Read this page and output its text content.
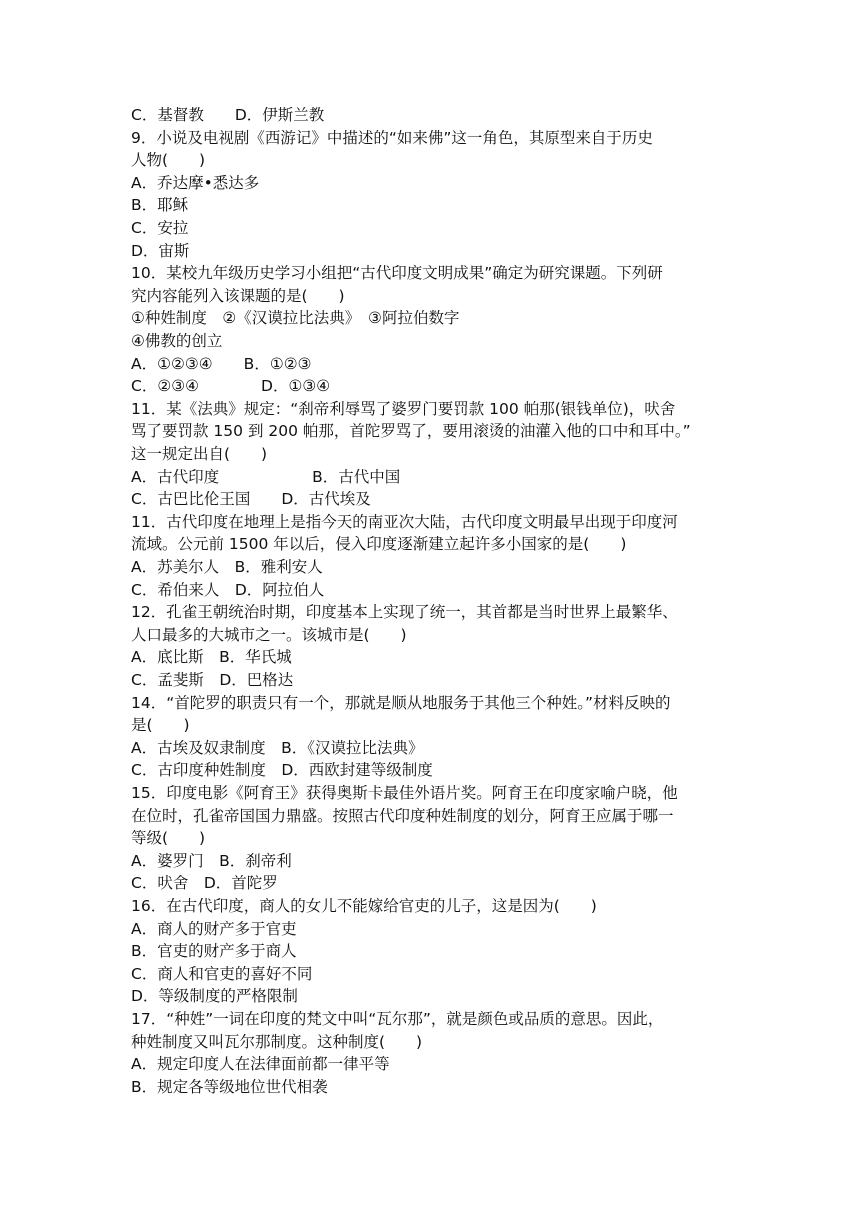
C．基督教　　D．伊斯兰教
9．小说及电视剧《西游记》中描述的“如来佛”这一角色，其原型来自于历史
人物(　　)
A．乔达摩•悉达多
B．耶稣
C．安拉
D．宙斯
10．某校九年级历史学习小组把“古代印度文明成果”确定为研究课题。下列研
究内容能列入该课题的是(　　)
①种姓制度　②《汉谟拉比法典》　③阿拉伯数字
④佛教的创立
A．①②③④　　B．①②③
C．②③④　　　　D．①③④
11．某《法典》规定：“刹帝利辱骂了婆罗门要罚款 100 帕那(银钱单位)，吠舍
骂了要罚款 150 到 200 帕那，首陀罗骂了，要用滚烫的油灌入他的口中和耳中。”
这一规定出自(　　)
A．古代印度　　　　　　B．古代中国
C．古巴比伦王国　　D．古代埃及
11．古代印度在地理上是指今天的南亚次大陆，古代印度文明最早出现于印度河
流域。公元前 1500 年以后，侵入印度逐渐建立起许多小国家的是(　　)
A．苏美尔人　B．雅利安人
C．希伯来人　D．阿拉伯人
12．孔雀王朝统治时期，印度基本上实现了统一，其首都是当时世界上最繁华、
人口最多的大城市之一。该城市是(　　)
A．底比斯　B．华氏城
C．孟斐斯　D．巴格达
14．“首陀罗的职责只有一个，那就是顺从地服务于其他三个种姓。”材料反映的
是(　　)
A．古埃及奴隶制度　B．《汉谟拉比法典》
C．古印度种姓制度　D．西欧封建等级制度
15．印度电影《阿育王》获得奥斯卡最佳外语片奖。阿育王在印度家喻户晓，他
在位时，孔雀帝国国力鼎盛。按照古代印度种姓制度的划分，阿育王应属于哪一
等级(　　)
A．婆罗门　B．刹帝利
C．吠舍　D．首陀罗
16．在古代印度，商人的女儿不能嫁给官吏的儿子，这是因为(　　)
A．商人的财产多于官吏
B．官吏的财产多于商人
C．商人和官吏的喜好不同
D．等级制度的严格限制
17．“种姓”一词在印度的梵文中叫“瓦尔那”，就是颜色或品质的意思。因此，
种姓制度又叫瓦尔那制度。这种制度(　　)
A．规定印度人在法律面前都一律平等
B．规定各等级地位世代相袭
